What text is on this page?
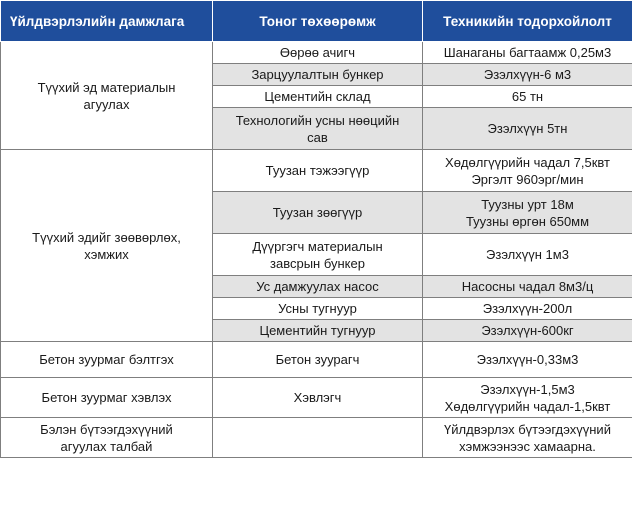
Үйлдвэрлэлийн дамжлага	Тоног төхөөрөмж	Техникийн тодорхойлолт
Түүхий эд материалын
агуулах	Өөрөө ачигч	Шанаганы багтаамж 0,25м3
	Зарцуулалтын бункер	Эзэлхүүн-6 м3
	Цементийн склад	65 тн
	Технологийн усны нөөцийн
сав	Эзэлхүүн 5тн
Түүхий эдийг зөөвөрлөх,
хэмжих	Туузан тэжээгүүр	Хөдөлгүүрийн чадал 7,5квт
Эргэлт 960эрг/мин
	Туузан зөөгүүр	Туузны урт 18м
Туузны өргөн 650мм
	Дүүргэгч материалын
завсрын бункер	Эзэлхүүн 1м3
	Ус дамжуулах насос	Насосны чадал 8м3/ц
	Усны тугнуур	Эзэлхүүн-200л
	Цементийн тугнуур	Эзэлхүүн-600кг
Бетон зуурмаг бэлтгэх	Бетон зуурагч	Эзэлхүүн-0,33м3
Бетон зуурмаг хэвлэх	Хэвлэгч	Эзэлхүүн-1,5м3
Хөдөлгүүрийн чадал-1,5квт
Бэлэн бүтээгдэхүүний
агуулах талбай		Үйлдвэрлэх бүтээгдэхүүний
хэмжээнээс хамаарна.
